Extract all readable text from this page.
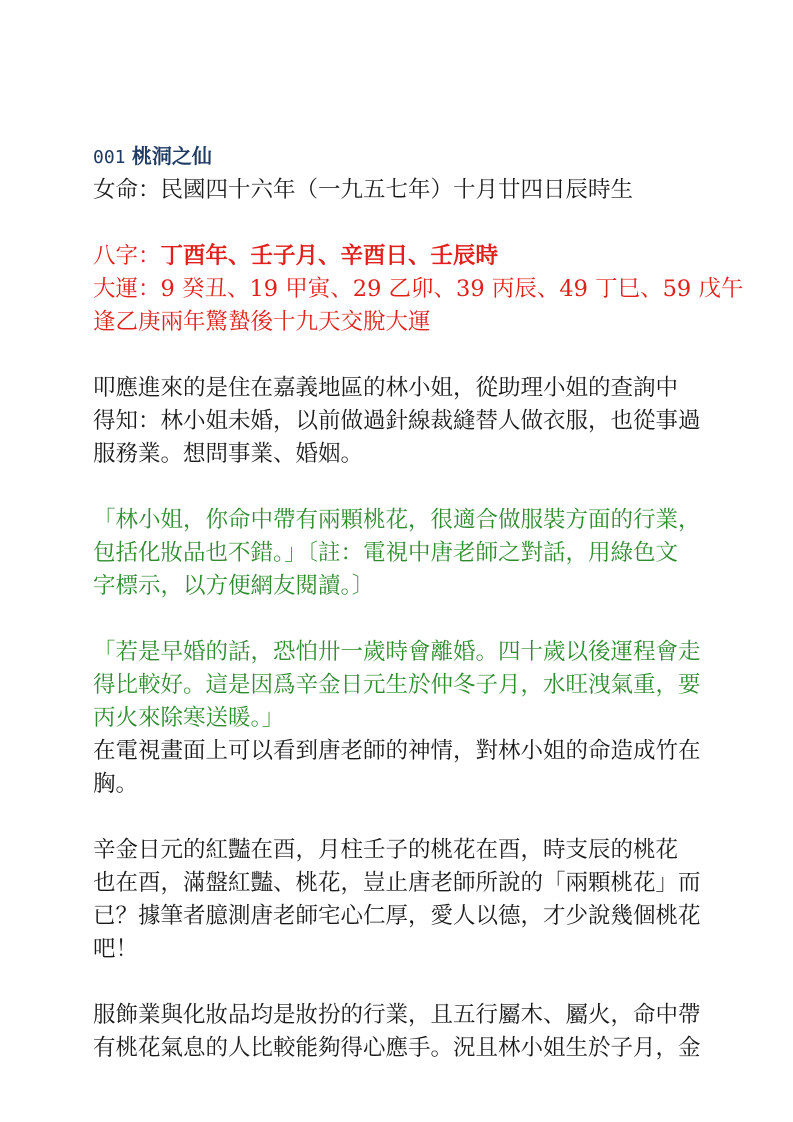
001 桃洞之仙
女命：民國四十六年（一九五七年）十月廿四日辰時生
八字：丁酉年、壬子月、辛酉日、壬辰時
大運：9 癸丑、19 甲寅、29 乙卯、39 丙辰、49 丁巳、59 戊午
逢乙庚兩年驚蟄後十九天交脫大運
叩應進來的是住在嘉義地區的林小姐，從助理小姐的查詢中
得知：林小姐未婚，以前做過針線裁縫替人做衣服，也從事過
服務業。想問事業、婚姻。
「林小姐，你命中帶有兩顆桃花，很適合做服裝方面的行業，
包括化妝品也不錯。」〔註：電視中唐老師之對話，用綠色文
字標示，以方便網友閱讀。〕
「若是早婚的話，恐怕卅一歲時會離婚。四十歲以後運程會走
得比較好。這是因爲辛金日元生於仲冬子月，水旺洩氣重，要
丙火來除寒送暖。」
在電視畫面上可以看到唐老師的神情，對林小姐的命造成竹在
胸。
辛金日元的紅豔在酉，月柱壬子的桃花在酉，時支辰的桃花
也在酉，滿盤紅豔、桃花，豈止唐老師所說的「兩顆桃花」而
已？據筆者臆測唐老師宅心仁厚，愛人以德，才少說幾個桃花
吧！
服飾業與化妝品均是妝扮的行業，且五行屬木、屬火，命中帶
有桃花氣息的人比較能夠得心應手。況且林小姐生於子月，金
